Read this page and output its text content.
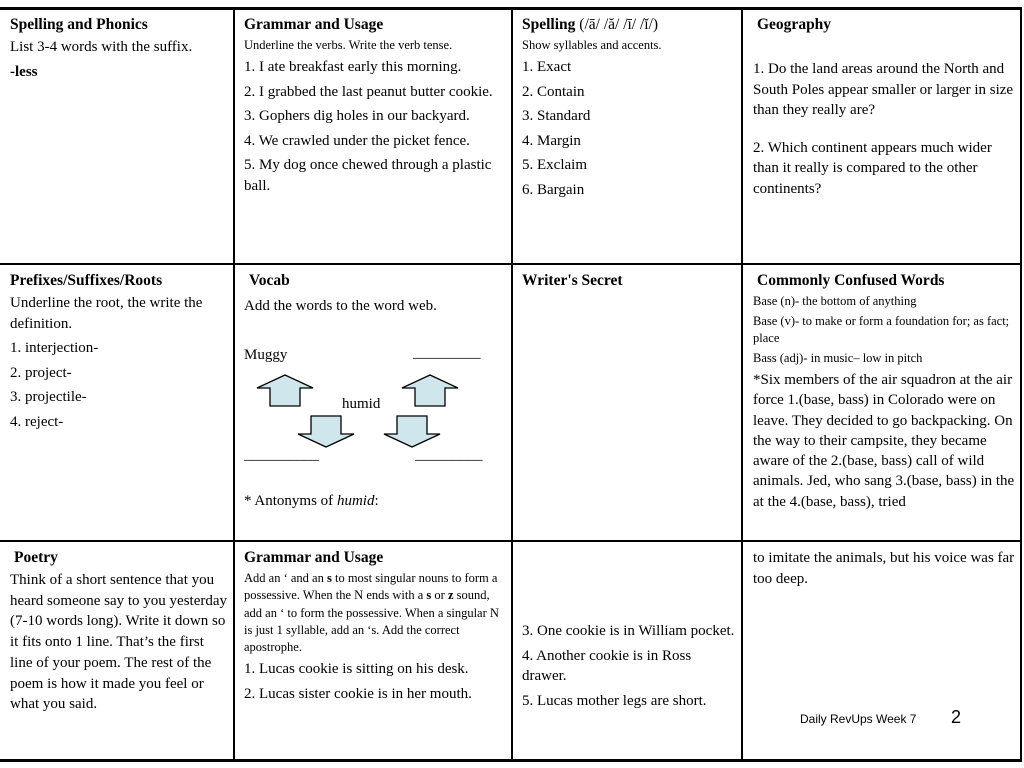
Spelling and Phonics
List 3-4 words with the suffix.
-less
Grammar and Usage
Underline the verbs. Write the verb tense.
1. I ate breakfast early this morning.
2. I grabbed the last peanut butter cookie.
3. Gophers dig holes in our backyard.
4. We crawled under the picket fence.
5. My dog once chewed through a plastic ball.
Spelling (/ā/ /ă/ /ī/ /ĭ/)
Show syllables and accents.
1. Exact
2. Contain
3. Standard
4. Margin
5. Exclaim
6. Bargain
Geography
1. Do the land areas around the North and South Poles appear smaller or larger in size than they really are?
2. Which continent appears much wider than it really is compared to the other continents?
Prefixes/Suffixes/Roots
Underline the root, the write the definition.
1. interjection-
2. project-
3. projectile-
4. reject-
Vocab
Add the words to the word web.
Muggy	_________
humid
__________	_________
* Antonyms of humid:
Writer's Secret	Commonly Confused Words
Base (n)- the bottom of anything
Base (v)- to make or form a foundation for; as fact; place
Bass (adj)- in music– low in pitch
*Six members of the air squadron at the air force 1.(base, bass) in Colorado were on leave. They decided to go backpacking. On the way to their campsite, they became aware of the 2.(base, bass) call of wild animals. Jed, who sang 3.(base, bass) in the at the 4.(base, bass), tried
Poetry
Think of a short sentence that you heard someone say to you yesterday (7-10 words long). Write it down so it fits onto 1 line. That’s the first line of your poem. The rest of the poem is how it made you feel or what you said.
Grammar and Usage
Add an ‘ and an s to most singular nouns to form a possessive. When the N ends with a s or z sound, add an ‘ to form the possessive. When a singular N is just 1 syllable, add an ‘s. Add the correct apostrophe.
1. Lucas cookie is sitting on his desk.
2. Lucas sister cookie is in her mouth.
3. One cookie is in William pocket.
4. Another cookie is in Ross drawer.
5. Lucas mother legs are short.
to imitate the animals, but his voice was far too deep.
Daily RevUps Week 7 2
